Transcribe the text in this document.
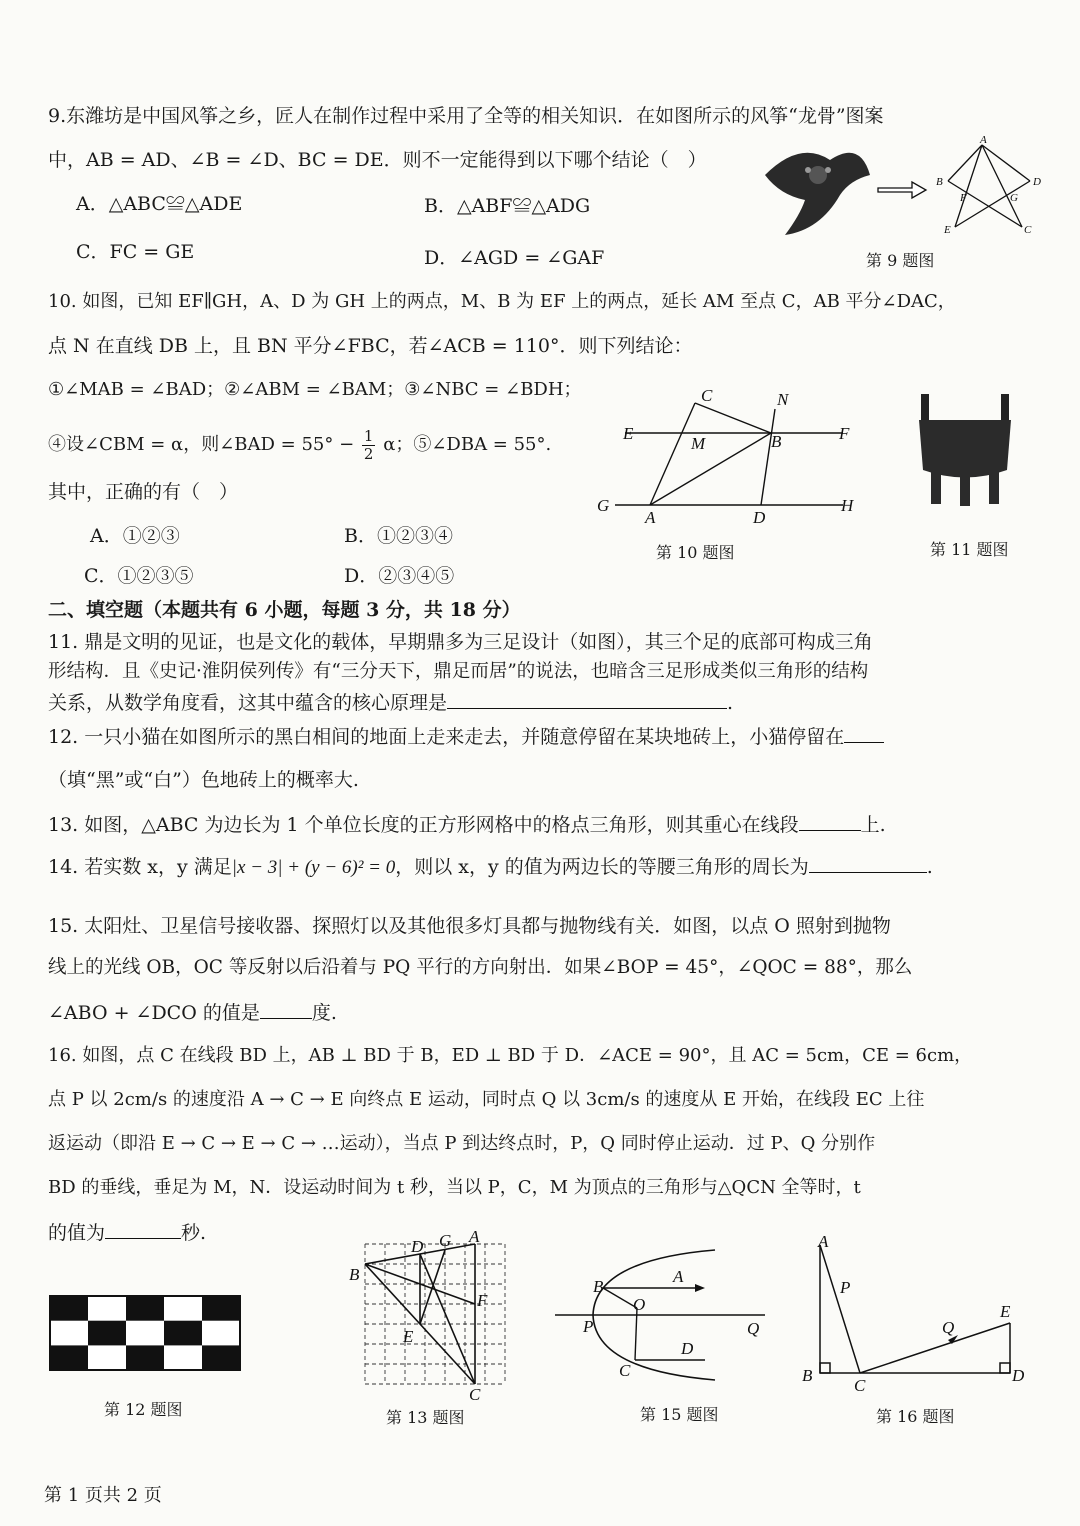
9.东潍坊是中国风筝之乡，匠人在制作过程中采用了全等的相关知识．在如图所示的风筝“龙骨”图案
中，AB = AD、∠B = ∠D、BC = DE．则不一定能得到以下哪个结论（　）
A．△ABC≌△ADE	B．△ABF≌△ADG
C．FC = GE	D．∠AGD = ∠GAF
A
B	D
F	G
E	C
第 9 题图
10. 如图，已知 EF∥GH，A、D 为 GH 上的两点，M、B 为 EF 上的两点，延长 AM 至点 C，AB 平分∠DAC，
点 N 在直线 DB 上，且 BN 平分∠FBC，若∠ACB = 110°．则下列结论：
①∠MAB = ∠BAD；②∠ABM = ∠BAM；③∠NBC = ∠BDH；
④设∠CBM = α，则∠BAD = $55^\circ - \frac{1}{2}$ α；⑤∠DBA = 55°.
其中，正确的有（　）
A．①②③	B．①②③④
C．①②③⑤	D．②③④⑤
C	N
E
M	B	F
G
A	D
H
第 10 题图	第 11 题图
二、填空题（本题共有 6 小题，每题 3 分，共 18 分）
11. 鼎是文明的见证，也是文化的载体，早期鼎多为三足设计（如图），其三个足的底部可构成三角
形结构．且《史记·淮阴侯列传》有“三分天下，鼎足而居”的说法，也暗含三足形成类似三角形的结构
关系，从数学角度看，这其中蕴含的核心原理是	.
12. 一只小猫在如图所示的黑白相间的地面上走来走去，并随意停留在某块地砖上，小猫停留在
（填“黑”或“白”）色地砖上的概率大.
13. 如图，△ABC 为边长为 1 个单位长度的正方形网格中的格点三角形，则其重心在线段	上.
14. 若实数 x，y 满足|x − 3| + (y − 6)² = 0，则以 x，y 的值为两边长的等腰三角形的周长为	.
15. 太阳灶、卫星信号接收器、探照灯以及其他很多灯具都与抛物线有关．如图，以点 O 照射到抛物
线上的光线 OB，OC 等反射以后沿着与 PQ 平行的方向射出．如果∠BOP = 45°，∠QOC = 88°，那么
∠ABO + ∠DCO 的值是	度.
16. 如图，点 C 在线段 BD 上，AB ⊥ BD 于 B，ED ⊥ BD 于 D．∠ACE = 90°，且 AC = 5cm，CE = 6cm，
点 P 以 2cm/s 的速度沿 A → C → E 向终点 E 运动，同时点 Q 以 3cm/s 的速度从 E 开始，在线段 EC 上往
返运动（即沿 E → C → E → C → …运动），当点 P 到达终点时，P，Q 同时停止运动．过 P、Q 分别作
BD 的垂线，垂足为 M，N．设运动时间为 t 秒，当以 P，C，M 为顶点的三角形与△QCN 全等时，t
的值为	秒.
第 12 题图
D G A
B
F
E
C
第 13 题图
B
A
O
P	Q
D
C
第 15 题图
A
P
E
Q
B
C
D
第 16 题图
第 1 页共 2 页
